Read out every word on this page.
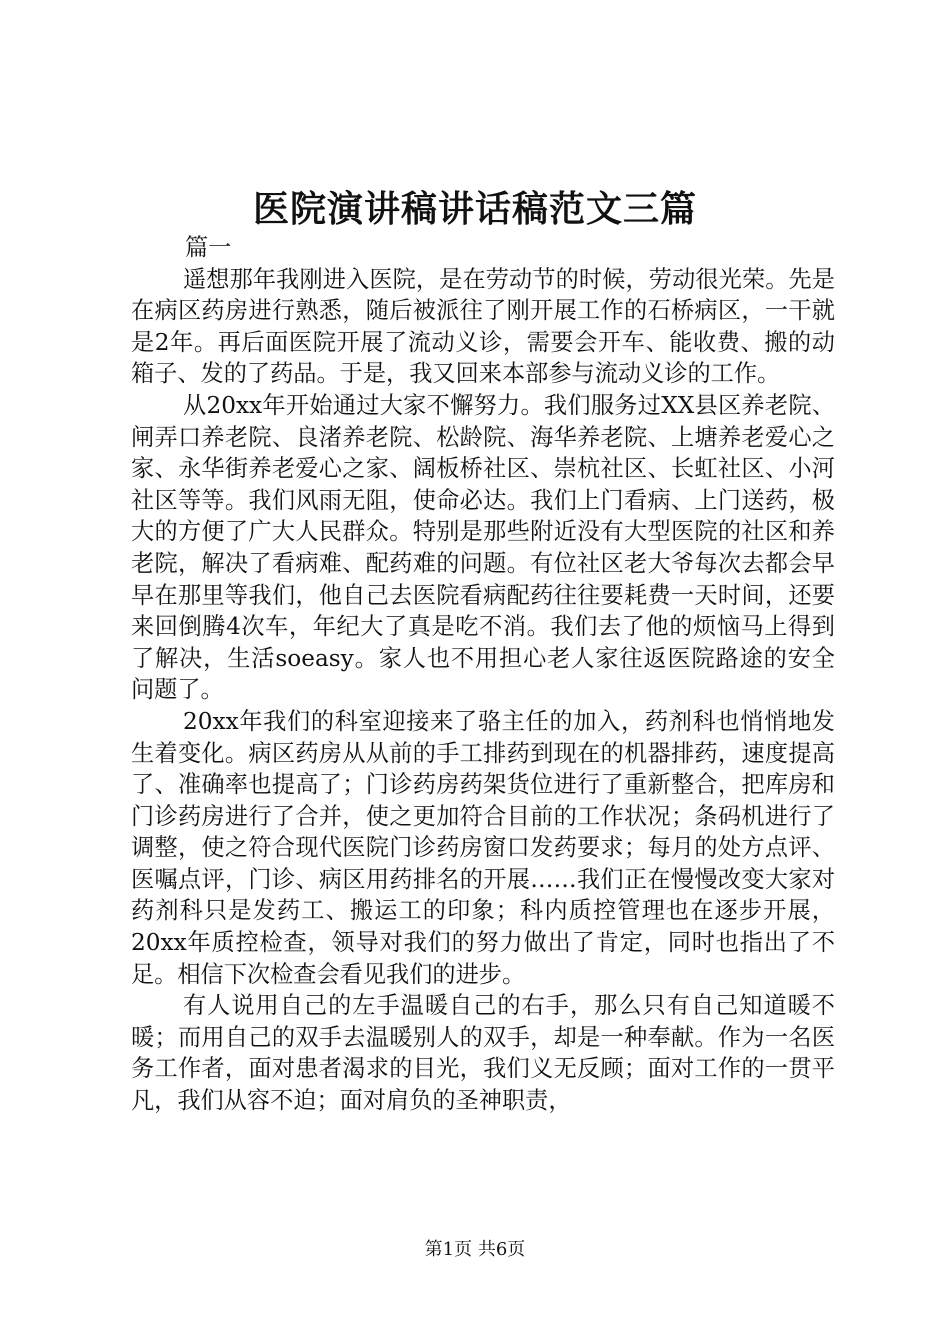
医院演讲稿讲话稿范文三篇

篇一

遥想那年我刚进入医院，是在劳动节的时候，劳动很光荣。先是在病区药房进行熟悉，随后被派往了刚开展工作的石桥病区，一干就是2年。再后面医院开展了流动义诊，需要会开车、能收费、搬的动箱子、发的了药品。于是，我又回来本部参与流动义诊的工作。

从20xx年开始通过大家不懈努力。我们服务过XX县区养老院、闸弄口养老院、良渚养老院、松龄院、海华养老院、上塘养老爱心之家、永华街养老爱心之家、阔板桥社区、崇杭社区、长虹社区、小河社区等等。我们风雨无阻，使命必达。我们上门看病、上门送药，极大的方便了广大人民群众。特别是那些附近没有大型医院的社区和养老院，解决了看病难、配药难的问题。有位社区老大爷每次去都会早早在那里等我们，他自己去医院看病配药往往要耗费一天时间，还要来回倒腾4次车，年纪大了真是吃不消。我们去了他的烦恼马上得到了解决，生活soeasy。家人也不用担心老人家往返医院路途的安全问题了。

20xx年我们的科室迎接来了骆主任的加入，药剂科也悄悄地发生着变化。病区药房从从前的手工排药到现在的机器排药，速度提高了、准确率也提高了；门诊药房药架货位进行了重新整合，把库房和门诊药房进行了合并，使之更加符合目前的工作状况；条码机进行了调整，使之符合现代医院门诊药房窗口发药要求；每月的处方点评、医嘱点评，门诊、病区用药排名的开展……我们正在慢慢改变大家对药剂科只是发药工、搬运工的印象；科内质控管理也在逐步开展，20xx年质控检查，领导对我们的努力做出了肯定，同时也指出了不足。相信下次检查会看见我们的进步。

有人说用自己的左手温暖自己的右手，那么只有自己知道暖不暖；而用自己的双手去温暖别人的双手，却是一种奉献。作为一名医务工作者，面对患者渴求的目光，我们义无反顾；面对工作的一贯平凡，我们从容不迫；面对肩负的圣神职责，

第1页 共6页
